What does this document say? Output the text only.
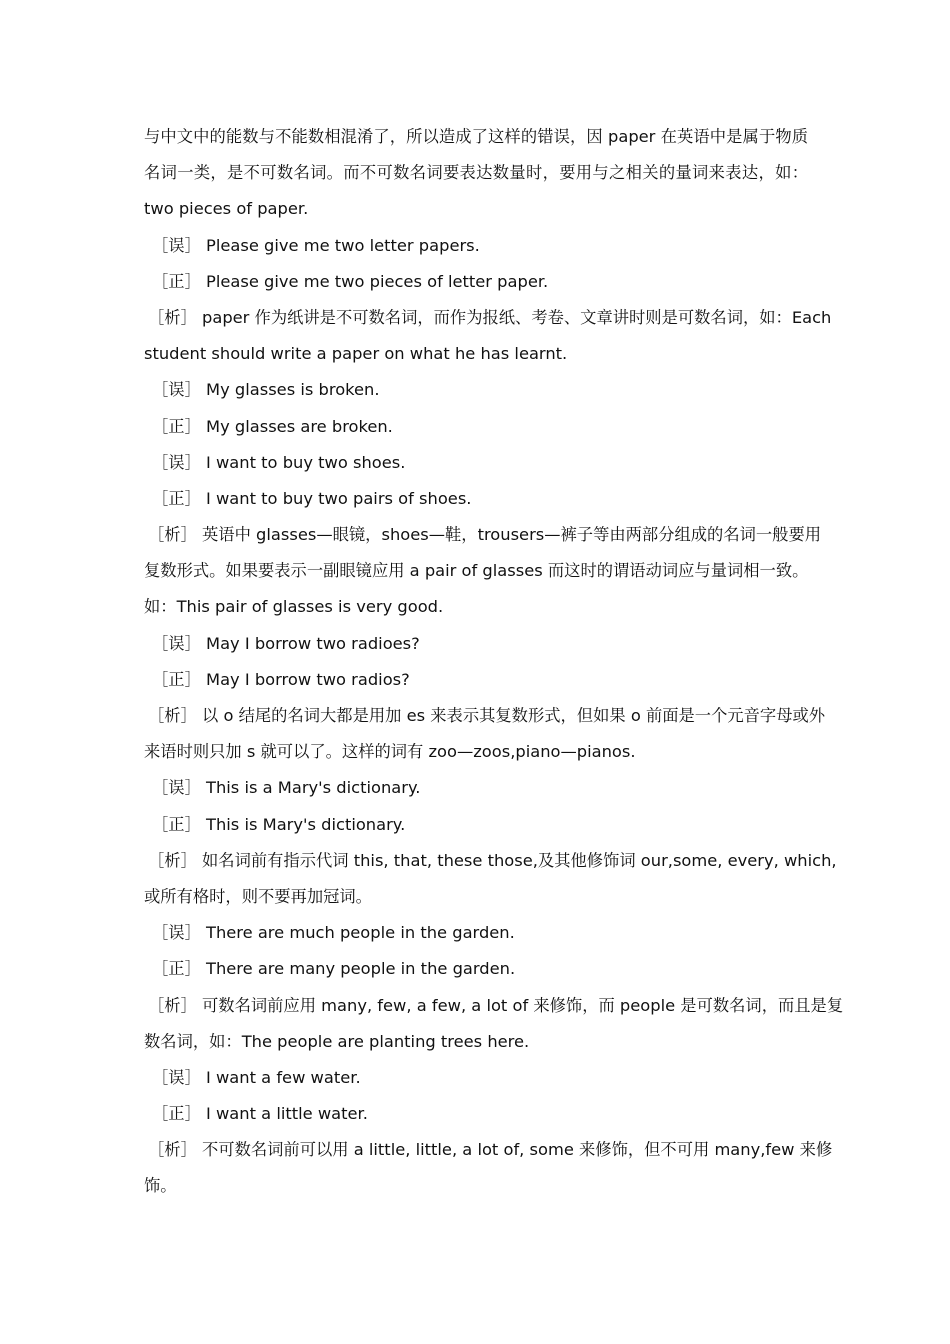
与中文中的能数与不能数相混淆了，所以造成了这样的错误，因 paper 在英语中是属于物质
名词一类，是不可数名词。而不可数名词要表达数量时，要用与之相关的量词来表达，如：
two pieces of paper.
［误］ Please give me two letter papers.
［正］ Please give me two pieces of letter paper.
［析］ paper 作为纸讲是不可数名词，而作为报纸、考卷、文章讲时则是可数名词，如：Each
student should write a paper on what he has learnt.
［误］ My glasses is broken.
［正］ My glasses are broken.
［误］ I want to buy two shoes.
［正］ I want to buy two pairs of shoes.
［析］ 英语中 glasses—眼镜，shoes—鞋，trousers—裤子等由两部分组成的名词一般要用
复数形式。如果要表示一副眼镜应用 a pair of glasses 而这时的谓语动词应与量词相一致。
如：This pair of glasses is very good.
［误］ May I borrow two radioes?
［正］ May I borrow two radios?
［析］ 以 o 结尾的名词大都是用加 es 来表示其复数形式，但如果 o 前面是一个元音字母或外
来语时则只加 s 就可以了。这样的词有 zoo—zoos,piano—pianos.
［误］ This is a Mary's dictionary.
［正］ This is Mary's dictionary.
［析］ 如名词前有指示代词 this, that, these those,及其他修饰词 our,some, every, which,
或所有格时，则不要再加冠词。
［误］ There are much people in the garden.
［正］ There are many people in the garden.
［析］ 可数名词前应用 many, few, a few, a lot of 来修饰，而 people 是可数名词，而且是复
数名词，如：The people are planting trees here.
［误］ I want a few water.
［正］ I want a little water.
［析］ 不可数名词前可以用 a little, little, a lot of, some 来修饰，但不可用 many,few 来修
饰。
